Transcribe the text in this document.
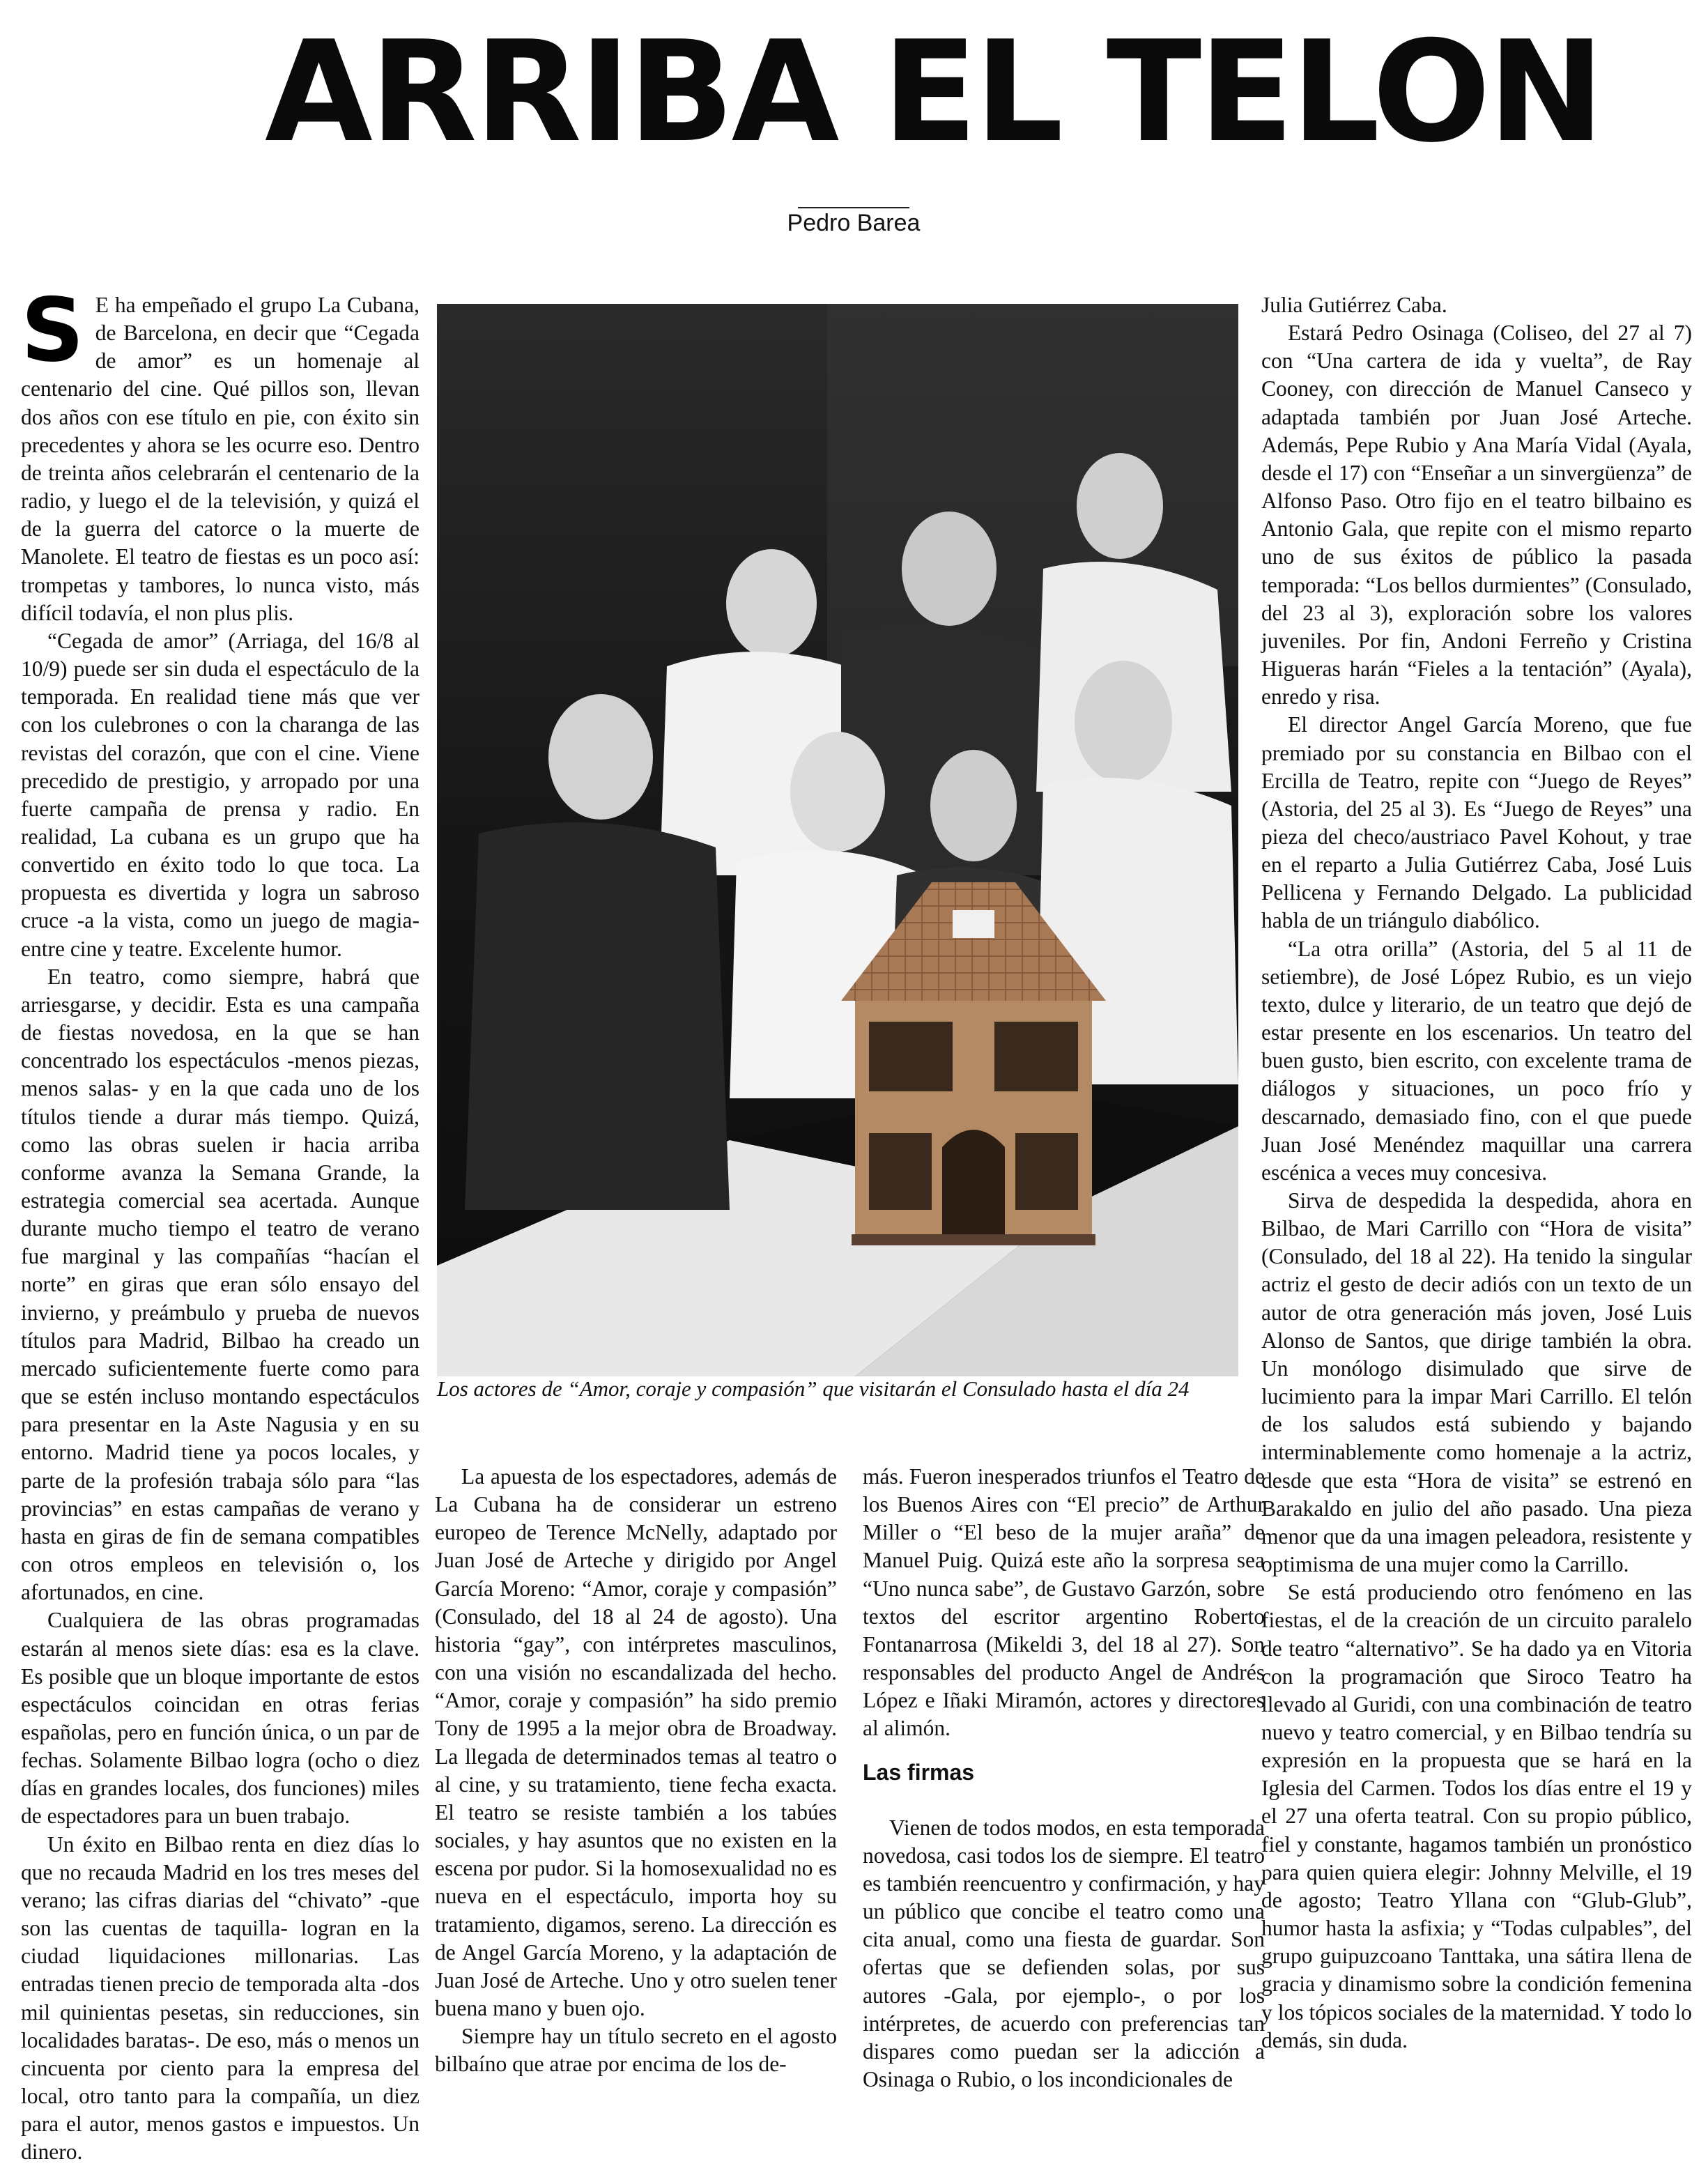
ARRIBA EL TELON
Pedro Barea
S E ha empeñado el grupo La Cubana, de Barcelona, en decir que “Cegada de amor” es un homenaje al centenario del cine. Qué pillos son, llevan dos años con ese título en pie, con éxito sin precedentes y ahora se les ocurre eso. Dentro de treinta años celebrarán el centenario de la radio, y luego el de la televisión, y quizá el de la guerra del catorce o la muerte de Manolete. El teatro de fiestas es un poco así: trompetas y tambores, lo nunca visto, más difícil todavía, el non plus plis.

“Cegada de amor” (Arriaga, del 16/8 al 10/9) puede ser sin duda el espectáculo de la temporada. En realidad tiene más que ver con los culebrones o con la charanga de las revistas del corazón, que con el cine. Viene precedido de prestigio, y arropado por una fuerte campaña de prensa y radio. En realidad, La cubana es un grupo que ha convertido en éxito todo lo que toca. La propuesta es divertida y logra un sabroso cruce -a la vista, como un juego de magia- entre cine y teatre. Excelente humor.

En teatro, como siempre, habrá que arriesgarse, y decidir. Esta es una campaña de fiestas novedosa, en la que se han concentrado los espectáculos -menos piezas, menos salas- y en la que cada uno de los títulos tiende a durar más tiempo. Quizá, como las obras suelen ir hacia arriba conforme avanza la Semana Grande, la estrategia comercial sea acertada. Aunque durante mucho tiempo el teatro de verano fue marginal y las compañías “hacían el norte” en giras que eran sólo ensayo del invierno, y preámbulo y prueba de nuevos títulos para Madrid, Bilbao ha creado un mercado suficientemente fuerte como para que se estén incluso montando espectáculos para presentar en la Aste Nagusia y en su entorno. Madrid tiene ya pocos locales, y parte de la profesión trabaja sólo para “las provincias” en estas campañas de verano y hasta en giras de fin de semana compatibles con otros empleos en televisión o, los afortunados, en cine.

Cualquiera de las obras programadas estarán al menos siete días: esa es la clave. Es posible que un bloque importante de estos espectáculos coincidan en otras ferias españolas, pero en función única, o un par de fechas. Solamente Bilbao logra (ocho o diez días en grandes locales, dos funciones) miles de espectadores para un buen trabajo.

Un éxito en Bilbao renta en diez días lo que no recauda Madrid en los tres meses del verano; las cifras diarias del “chivato” -que son las cuentas de taquilla- logran en la ciudad liquidaciones millonarias. Las entradas tienen precio de temporada alta -dos mil quinientas pesetas, sin reducciones, sin localidades baratas-. De eso, más o menos un cincuenta por ciento para la empresa del local, otro tanto para la compañía, un diez para el autor, menos gastos e impuestos. Un dinero.

Los actores de “Amor, coraje y compasión” que visitarán el Consulado hasta el día 24

La apuesta de los espectadores, además de La Cubana ha de considerar un estreno europeo de Terence McNelly, adaptado por Juan José de Arteche y dirigido por Angel García Moreno: “Amor, coraje y compasión” (Consulado, del 18 al 24 de agosto). Una historia “gay”, con intérpretes masculinos, con una visión no escandalizada del hecho. “Amor, coraje y compasión” ha sido premio Tony de 1995 a la mejor obra de Broadway. La llegada de determinados temas al teatro o al cine, y su tratamiento, tiene fecha exacta. El teatro se resiste también a los tabúes sociales, y hay asuntos que no existen en la escena por pudor. Si la homosexualidad no es nueva en el espectáculo, importa hoy su tratamiento, digamos, sereno. La dirección es de Angel García Moreno, y la adaptación de Juan José de Arteche. Uno y otro suelen tener buena mano y buen ojo.

Siempre hay un título secreto en el agosto bilbaíno que atrae por encima de los de-

más. Fueron inesperados triunfos el Teatro de los Buenos Aires con “El precio” de Arthur Miller o “El beso de la mujer araña” de Manuel Puig. Quizá este año la sorpresa sea “Uno nunca sabe”, de Gustavo Garzón, sobre textos del escritor argentino Roberto Fontanarrosa (Mikeldi 3, del 18 al 27). Son responsables del producto Angel de Andrés López e Iñaki Miramón, actores y directores al alimón.

Las firmas

Vienen de todos modos, en esta temporada novedosa, casi todos los de siempre. El teatro es también reencuentro y confirmación, y hay un público que concibe el teatro como una cita anual, como una fiesta de guardar. Son ofertas que se defienden solas, por sus autores -Gala, por ejemplo-, o por los intérpretes, de acuerdo con preferencias tan dispares como puedan ser la adicción a Osinaga o Rubio, o los incondicionales de

Julia Gutiérrez Caba.

Estará Pedro Osinaga (Coliseo, del 27 al 7) con “Una cartera de ida y vuelta”, de Ray Cooney, con dirección de Manuel Canseco y adaptada también por Juan José Arteche. Además, Pepe Rubio y Ana María Vidal (Ayala, desde el 17) con “Enseñar a un sinvergüenza” de Alfonso Paso. Otro fijo en el teatro bilbaino es Antonio Gala, que repite con el mismo reparto uno de sus éxitos de público la pasada temporada: “Los bellos durmientes” (Consulado, del 23 al 3), exploración sobre los valores juveniles. Por fin, Andoni Ferreño y Cristina Higueras harán “Fieles a la tentación” (Ayala), enredo y risa.

El director Angel García Moreno, que fue premiado por su constancia en Bilbao con el Ercilla de Teatro, repite con “Juego de Reyes” (Astoria, del 25 al 3). Es “Juego de Reyes” una pieza del checo/austriaco Pavel Kohout, y trae en el reparto a Julia Gutiérrez Caba, José Luis Pellicena y Fernando Delgado. La publicidad habla de un triángulo diabólico.

“La otra orilla” (Astoria, del 5 al 11 de setiembre), de José López Rubio, es un viejo texto, dulce y literario, de un teatro que dejó de estar presente en los escenarios. Un teatro del buen gusto, bien escrito, con excelente trama de diálogos y situaciones, un poco frío y descarnado, demasiado fino, con el que puede Juan José Menéndez maquillar una carrera escénica a veces muy concesiva.

Sirva de despedida la despedida, ahora en Bilbao, de Mari Carrillo con “Hora de visita” (Consulado, del 18 al 22). Ha tenido la singular actriz el gesto de decir adiós con un texto de un autor de otra generación más joven, José Luis Alonso de Santos, que dirige también la obra. Un monólogo disimulado que sirve de lucimiento para la impar Mari Carrillo. El telón de los saludos está subiendo y bajando interminablemente como homenaje a la actriz, desde que esta “Hora de visita” se estrenó en Barakaldo en julio del año pasado. Una pieza menor que da una imagen peleadora, resistente y optimisma de una mujer como la Carrillo.

Se está produciendo otro fenómeno en las fiestas, el de la creación de un circuito paralelo de teatro “alternativo”. Se ha dado ya en Vitoria con la programación que Siroco Teatro ha llevado al Guridi, con una combinación de teatro nuevo y teatro comercial, y en Bilbao tendría su expresión en la propuesta que se hará en la Iglesia del Carmen. Todos los días entre el 19 y el 27 una oferta teatral. Con su propio público, fiel y constante, hagamos también un pronóstico para quien quiera elegir: Johnny Melville, el 19 de agosto; Teatro Yllana con “Glub-Glub”, humor hasta la asfixia; y “Todas culpables”, del grupo guipuzcoano Tanttaka, una sátira llena de gracia y dinamismo sobre la condición femenina y los tópicos sociales de la maternidad. Y todo lo demás, sin duda.
